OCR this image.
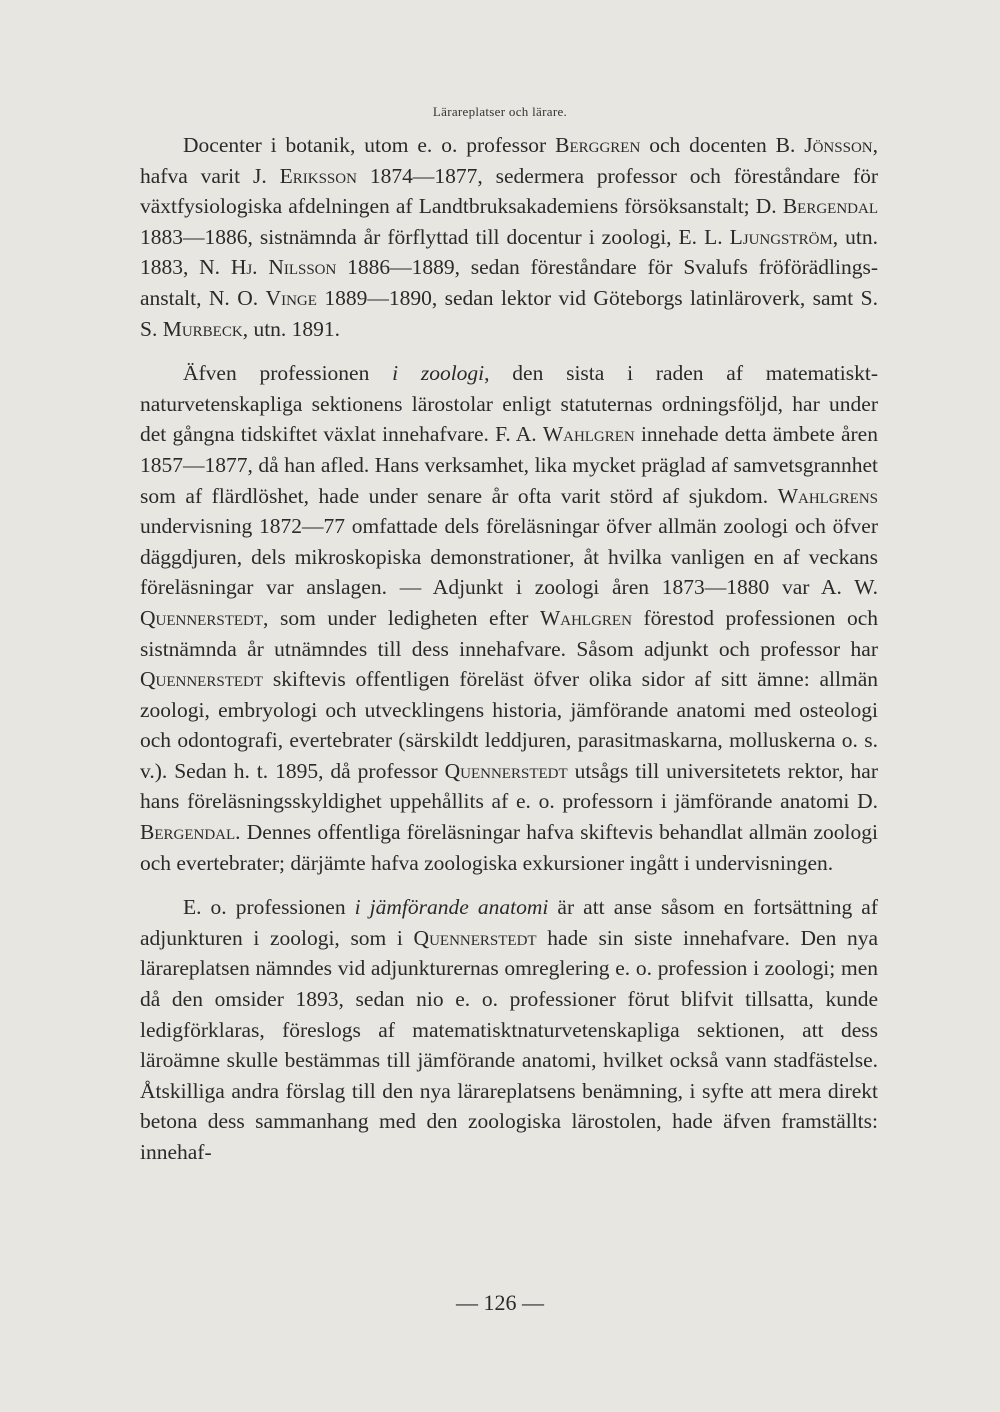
Lärareplatser och lärare.

Docenter i botanik, utom e. o. professor Berggren och docenten B. Jönsson, hafva varit J. Eriksson 1874—1877, sedermera professor och föreståndare för växtfysiologiska afdelningen af Landtbruksakademiens försöksanstalt; D. Bergendal 1883—1886, sistnämnda år förflyttad till docentur i zoologi, E. L. Ljungström, utn. 1883, N. Hj. Nilsson 1886—1889, sedan föreståndare för Svalufs fröförädlings-anstalt, N. O. Vinge 1889—1890, sedan lektor vid Göteborgs latinläroverk, samt S. S. Murbeck, utn. 1891.

Äfven professionen i zoologi, den sista i raden af matematiskt-naturvetenskapliga sektionens lärostolar enligt statuternas ordningsföljd, har under det gångna tidskiftet växlat innehafvare. F. A. Wahlgren innehade detta ämbete åren 1857—1877, då han afled. Hans verksamhet, lika mycket präglad af samvetsgrannhet som af flärdlöshet, hade under senare år ofta varit störd af sjukdom. Wahlgrens undervisning 1872—77 omfattade dels föreläsningar öfver allmän zoologi och öfver däggdjuren, dels mikroskopiska demonstrationer, åt hvilka vanligen en af veckans föreläsningar var anslagen. — Adjunkt i zoologi åren 1873—1880 var A. W. Quennerstedt, som under ledigheten efter Wahlgren förestod professionen och sistnämnda år utnämndes till dess innehafvare. Såsom adjunkt och professor har Quennerstedt skiftevis offentligen föreläst öfver olika sidor af sitt ämne: allmän zoologi, embryologi och utvecklingens historia, jämförande anatomi med osteologi och odontografi, evertebrater (särskildt leddjuren, parasitmaskarna, molluskerna o. s. v.). Sedan h. t. 1895, då professor Quennerstedt utsågs till universitetets rektor, har hans föreläsningsskyldighet uppehållits af e. o. professorn i jämförande anatomi D. Bergendal. Dennes offentliga föreläsningar hafva skiftevis behandlat allmän zoologi och evertebrater; därjämte hafva zoologiska exkursioner ingått i undervisningen.

E. o. professionen i jämförande anatomi är att anse såsom en fortsättning af adjunkturen i zoologi, som i Quennerstedt hade sin siste innehafvare. Den nya lärareplatsen nämndes vid adjunkturernas omreglering e. o. profession i zoologi; men då den omsider 1893, sedan nio e. o. professioner förut blifvit tillsatta, kunde ledigförklaras, föreslogs af matematisktnaturvetenskapliga sektionen, att dess läroämne skulle bestämmas till jämförande anatomi, hvilket också vann stadfästelse. Åtskilliga andra förslag till den nya lärareplatsens benämning, i syfte att mera direkt betona dess sammanhang med den zoologiska lärostolen, hade äfven framställts: innehaf-

— 126 —
